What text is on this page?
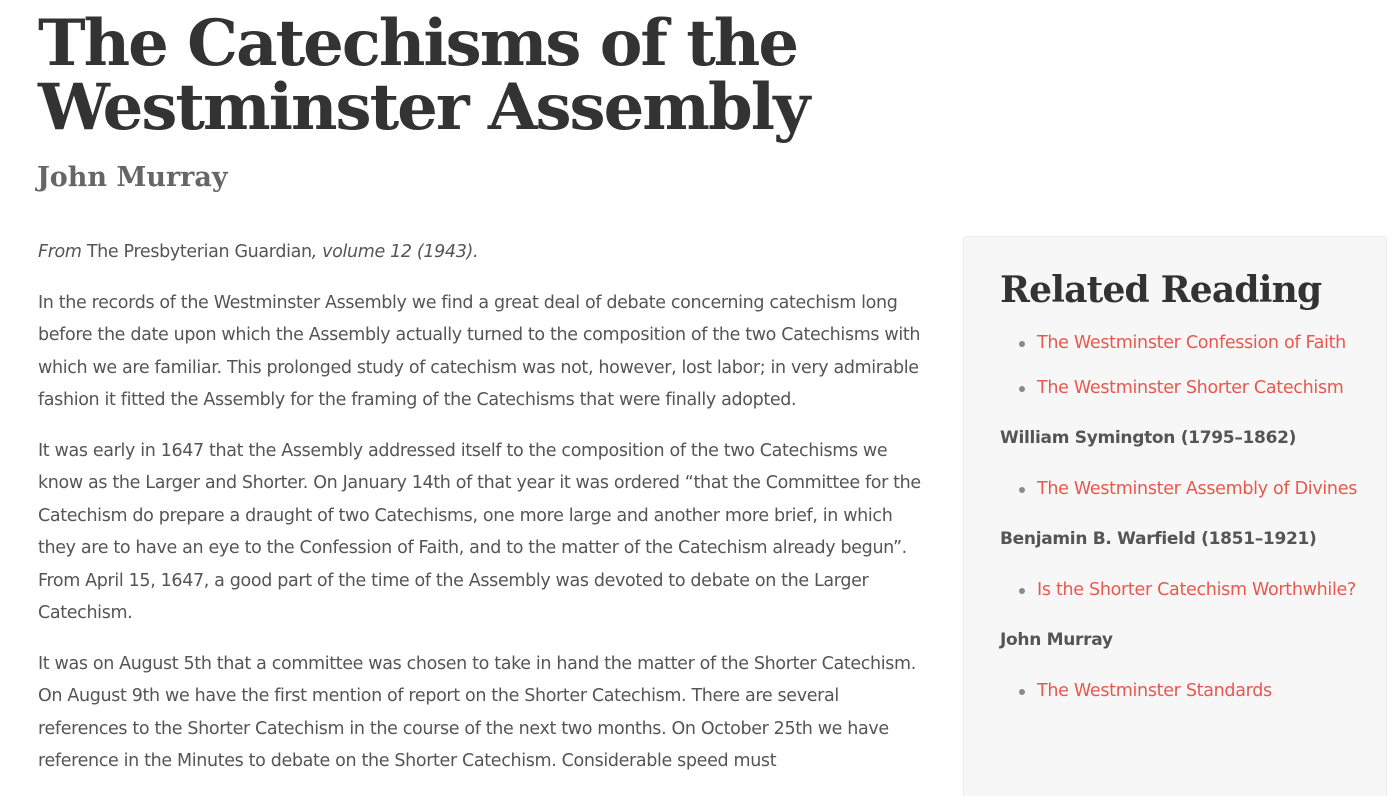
The Catechisms of the Westminster Assembly
John Murray

From The Presbyterian Guardian, volume 12 (1943).

In the records of the Westminster Assembly we find a great deal of debate concerning catechism long before the date upon which the Assembly actually turned to the composition of the two Catechisms with which we are familiar. This prolonged study of catechism was not, however, lost labor; in very admirable fashion it fitted the Assembly for the framing of the Catechisms that were finally adopted.

It was early in 1647 that the Assembly addressed itself to the composition of the two Catechisms we know as the Larger and Shorter. On January 14th of that year it was ordered “that the Committee for the Catechism do prepare a draught of two Catechisms, one more large and another more brief, in which they are to have an eye to the Confession of Faith, and to the matter of the Catechism already begun”. From April 15, 1647, a good part of the time of the Assembly was devoted to debate on the Larger Catechism.

It was on August 5th that a committee was chosen to take in hand the matter of the Shorter Catechism. On August 9th we have the first mention of report on the Shorter Catechism. There are several references to the Shorter Catechism in the course of the next two months. On October 25th we have reference in the Minutes to debate on the Shorter Catechism. Considerable speed must

Related Reading
The Westminster Confession of Faith
The Westminster Shorter Catechism
William Symington (1795–1862)
The Westminster Assembly of Divines
Benjamin B. Warfield (1851–1921)
Is the Shorter Catechism Worthwhile?
John Murray
The Westminster Standards
